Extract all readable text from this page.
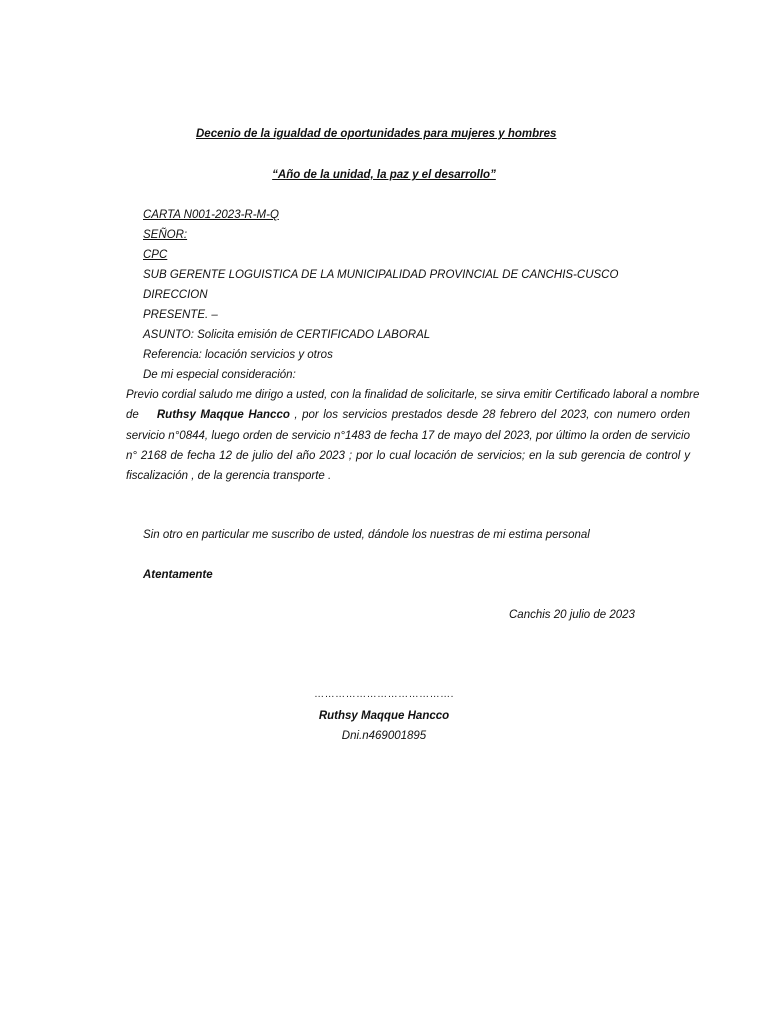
Decenio de la igualdad de oportunidades para mujeres y hombres
“Año de la unidad, la paz y el desarrollo”
CARTA N001-2023-R-M-Q
SEÑOR:
CPC
SUB GERENTE LOGUISTICA DE LA MUNICIPALIDAD PROVINCIAL DE CANCHIS-CUSCO
DIRECCION
PRESENTE. –
ASUNTO: Solicita emisión de CERTIFICADO LABORAL
Referencia: locación servicios y otros
De mi especial consideración:
Previo cordial saludo me dirigo a usted, con la finalidad de solicitarle, se sirva emitir Certificado laboral a nombre
de Ruthsy Maqque Hancco , por los servicios prestados desde 28 febrero del 2023, con numero orden
servicio n°0844, luego orden de servicio n°1483 de fecha 17 de mayo del 2023, por último la orden de servicio
n° 2168 de fecha 12 de julio del año 2023 ; por lo cual locación de servicios; en la sub gerencia de control y
fiscalización , de la gerencia transporte .
Sin otro en particular me suscribo de usted, dándole los nuestras de mi estima personal
Atentamente
Canchis 20 julio de 2023
………………………………….
Ruthsy Maqque Hancco
Dni.n469001895
